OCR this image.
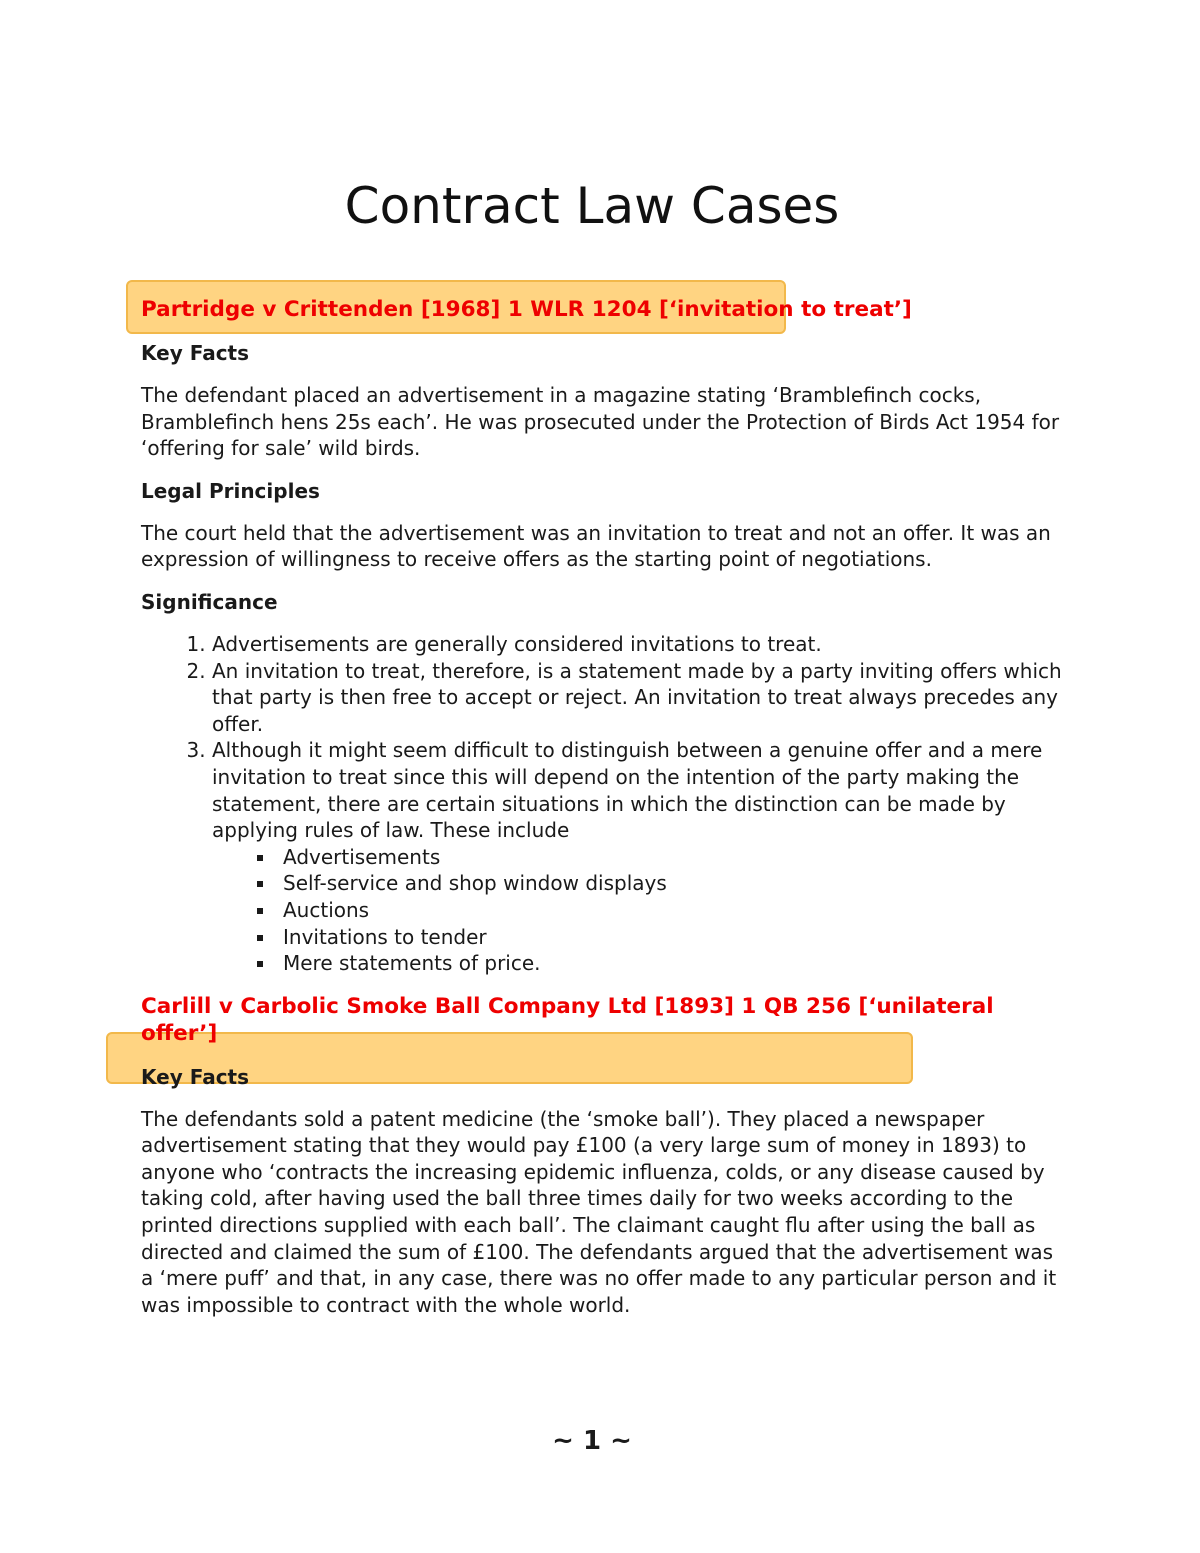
Contract Law Cases
Partridge v Crittenden [1968] 1 WLR 1204 [‘invitation to treat’]
Key Facts

The defendant placed an advertisement in a magazine stating ‘Bramblefinch cocks, Bramblefinch hens 25s each’. He was prosecuted under the Protection of Birds Act 1954 for ‘offering for sale’ wild birds.

Legal Principles

The court held that the advertisement was an invitation to treat and not an offer. It was an expression of willingness to receive offers as the starting point of negotiations.

Significance
1. Advertisements are generally considered invitations to treat.
2. An invitation to treat, therefore, is a statement made by a party inviting offers which that party is then free to accept or reject. An invitation to treat always precedes any offer.
3. Although it might seem difficult to distinguish between a genuine offer and a mere invitation to treat since this will depend on the intention of the party making the statement, there are certain situations in which the distinction can be made by applying rules of law. These include
Advertisements
Self-service and shop window displays
Auctions
Invitations to tender
Mere statements of price.
Carlill v Carbolic Smoke Ball Company Ltd [1893] 1 QB 256 [‘unilateral offer’]
Key Facts

The defendants sold a patent medicine (the ‘smoke ball’). They placed a newspaper advertisement stating that they would pay £100 (a very large sum of money in 1893) to anyone who ‘contracts the increasing epidemic influenza, colds, or any disease caused by taking cold, after having used the ball three times daily for two weeks according to the printed directions supplied with each ball’. The claimant caught flu after using the ball as directed and claimed the sum of £100. The defendants argued that the advertisement was a ‘mere puff’ and that, in any case, there was no offer made to any particular person and it was impossible to contract with the whole world.

~ 1 ~
